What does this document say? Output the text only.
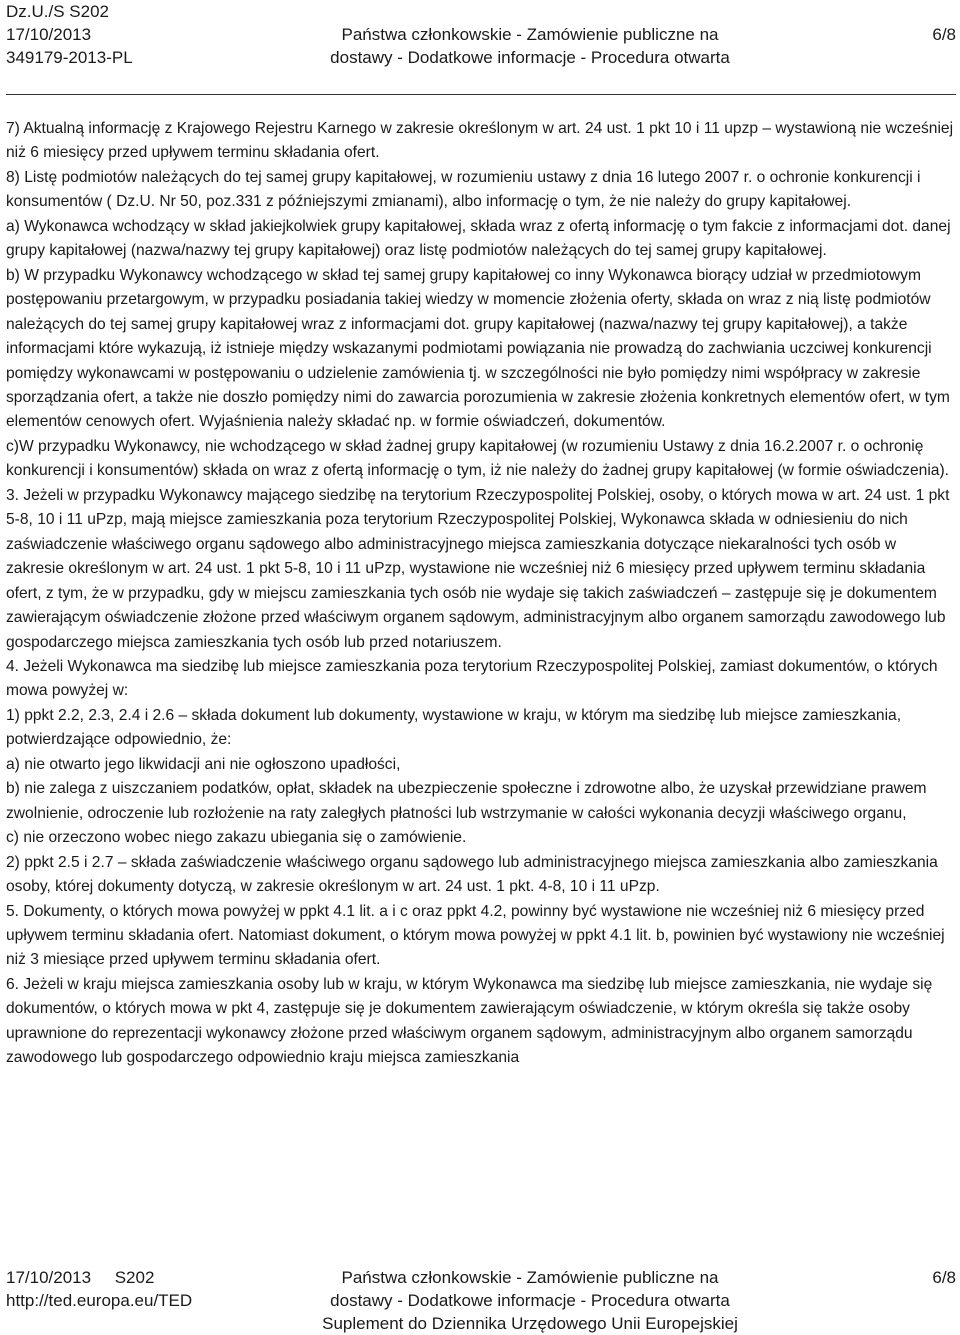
Dz.U./S S202
17/10/2013
349179-2013-PL
Państwa członkowskie - Zamówienie publiczne na
dostawy - Dodatkowe informacje - Procedura otwarta
6/8

7) Aktualną informację z Krajowego Rejestru Karnego w zakresie określonym w art. 24 ust. 1 pkt 10 i 11 upzp – wystawioną nie wcześniej niż 6 miesięcy przed upływem terminu składania ofert.

8) Listę podmiotów należących do tej samej grupy kapitałowej, w rozumieniu ustawy z dnia 16 lutego 2007 r. o ochronie konkurencji i konsumentów ( Dz.U. Nr 50, poz.331 z późniejszymi zmianami), albo informację o tym, że nie należy do grupy kapitałowej.

a) Wykonawca wchodzący w skład jakiejkolwiek grupy kapitałowej, składa wraz z ofertą informację o tym fakcie z informacjami dot. danej grupy kapitałowej (nazwa/nazwy tej grupy kapitałowej) oraz listę podmiotów należących do tej samej grupy kapitałowej.

b) W przypadku Wykonawcy wchodzącego w skład tej samej grupy kapitałowej co inny Wykonawca biorący udział w przedmiotowym postępowaniu przetargowym, w przypadku posiadania takiej wiedzy w momencie złożenia oferty, składa on wraz z nią listę podmiotów należących do tej samej grupy kapitałowej wraz z informacjami dot. grupy kapitałowej (nazwa/nazwy tej grupy kapitałowej), a także informacjami które wykazują, iż istnieje między wskazanymi podmiotami powiązania nie prowadzą do zachwiania uczciwej konkurencji pomiędzy wykonawcami w postępowaniu o udzielenie zamówienia tj. w szczególności nie było pomiędzy nimi współpracy w zakresie sporządzania ofert, a także nie doszło pomiędzy nimi do zawarcia porozumienia w zakresie złożenia konkretnych elementów ofert, w tym elementów cenowych ofert. Wyjaśnienia należy składać np. w formie oświadczeń, dokumentów.

c)W przypadku Wykonawcy, nie wchodzącego w skład żadnej grupy kapitałowej (w rozumieniu Ustawy z dnia 16.2.2007 r. o ochronię konkurencji i konsumentów) składa on wraz z ofertą informację o tym, iż nie należy do żadnej grupy kapitałowej (w formie oświadczenia).

3. Jeżeli w przypadku Wykonawcy mającego siedzibę na terytorium Rzeczypospolitej Polskiej, osoby, o których mowa w art. 24 ust. 1 pkt 5-8, 10 i 11 uPzp, mają miejsce zamieszkania poza terytorium Rzeczypospolitej Polskiej, Wykonawca składa w odniesieniu do nich zaświadczenie właściwego organu sądowego albo administracyjnego miejsca zamieszkania dotyczące niekaralności tych osób w zakresie określonym w art. 24 ust. 1 pkt 5-8, 10 i 11 uPzp, wystawione nie wcześniej niż 6 miesięcy przed upływem terminu składania ofert, z tym, że w przypadku, gdy w miejscu zamieszkania tych osób nie wydaje się takich zaświadczeń – zastępuje się je dokumentem zawierającym oświadczenie złożone przed właściwym organem sądowym, administracyjnym albo organem samorządu zawodowego lub gospodarczego miejsca zamieszkania tych osób lub przed notariuszem.

4. Jeżeli Wykonawca ma siedzibę lub miejsce zamieszkania poza terytorium Rzeczypospolitej Polskiej, zamiast dokumentów, o których mowa powyżej w:

1) ppkt 2.2, 2.3, 2.4 i 2.6 – składa dokument lub dokumenty, wystawione w kraju, w którym ma siedzibę lub miejsce zamieszkania, potwierdzające odpowiednio, że:

a) nie otwarto jego likwidacji ani nie ogłoszono upadłości,

b) nie zalega z uiszczaniem podatków, opłat, składek na ubezpieczenie społeczne i zdrowotne albo, że uzyskał przewidziane prawem zwolnienie, odroczenie lub rozłożenie na raty zaległych płatności lub wstrzymanie w całości wykonania decyzji właściwego organu,

c) nie orzeczono wobec niego zakazu ubiegania się o zamówienie.

2) ppkt 2.5 i 2.7 – składa zaświadczenie właściwego organu sądowego lub administracyjnego miejsca zamieszkania albo zamieszkania osoby, której dokumenty dotyczą, w zakresie określonym w art. 24 ust. 1 pkt. 4-8, 10 i 11 uPzp.

5. Dokumenty, o których mowa powyżej w ppkt 4.1 lit. a i c oraz ppkt 4.2, powinny być wystawione nie wcześniej niż 6 miesięcy przed upływem terminu składania ofert. Natomiast dokument, o którym mowa powyżej w ppkt 4.1 lit. b, powinien być wystawiony nie wcześniej niż 3 miesiące przed upływem terminu składania ofert.

6. Jeżeli w kraju miejsca zamieszkania osoby lub w kraju, w którym Wykonawca ma siedzibę lub miejsce zamieszkania, nie wydaje się dokumentów, o których mowa w pkt 4, zastępuje się je dokumentem zawierającym oświadczenie, w którym określa się także osoby uprawnione do reprezentacji wykonawcy złożone przed właściwym organem sądowym, administracyjnym albo organem samorządu zawodowego lub gospodarczego odpowiednio kraju miejsca zamieszkania

17/10/2013 S202
http://ted.europa.eu/TED
Państwa członkowskie - Zamówienie publiczne na
dostawy - Dodatkowe informacje - Procedura otwarta
Suplement do Dziennika Urzędowego Unii Europejskiej
6/8
